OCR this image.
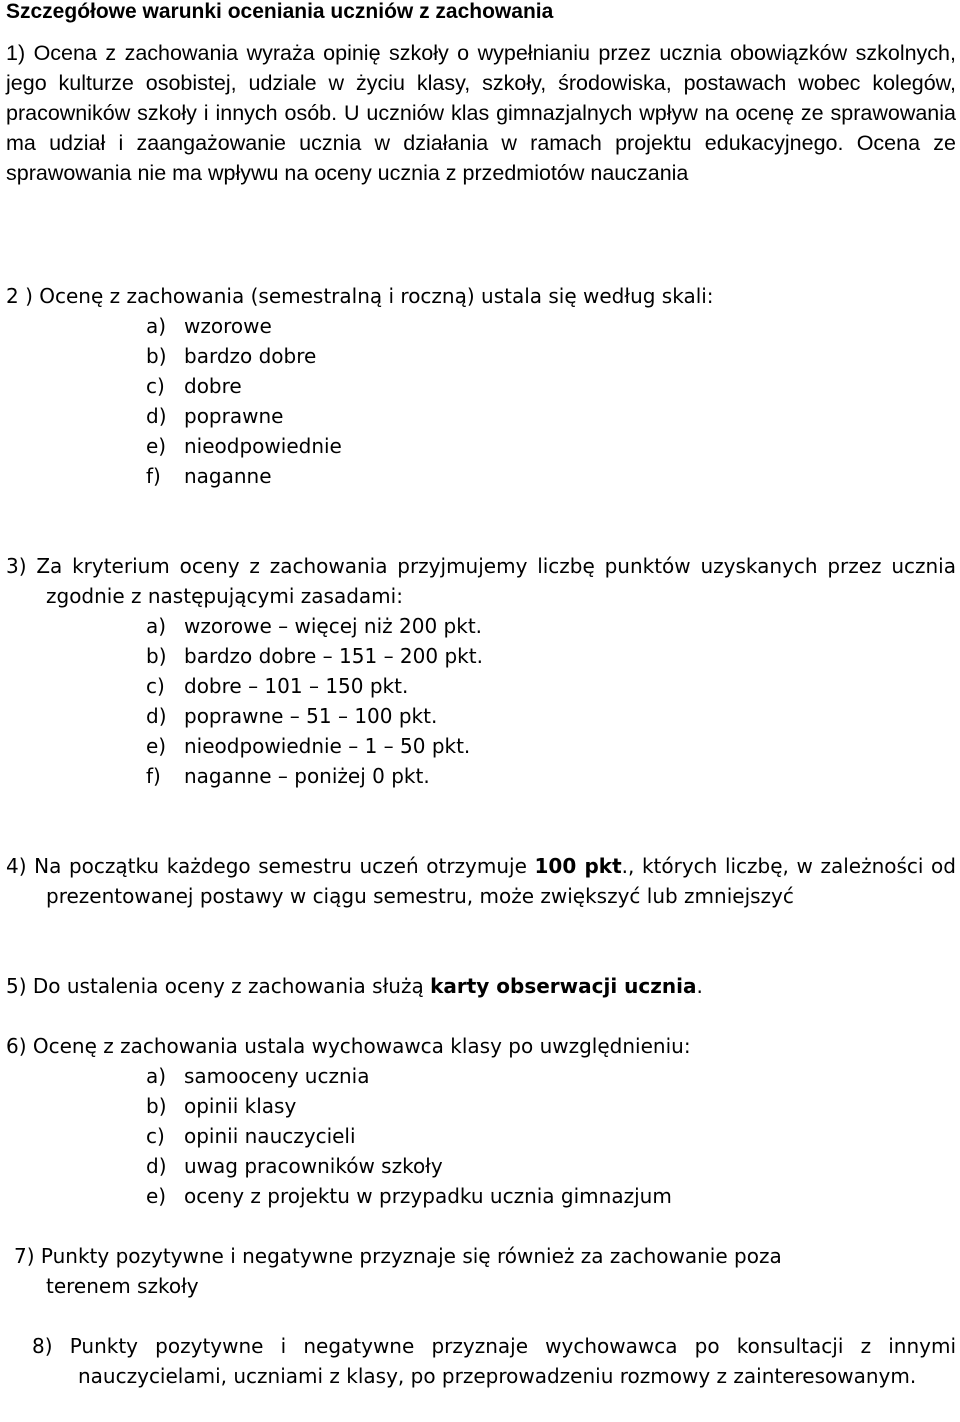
Szczegółowe warunki oceniania uczniów z zachowania
1) Ocena z zachowania wyraża opinię szkoły o wypełnianiu przez ucznia obowiązków szkolnych, jego kulturze osobistej, udziale w życiu klasy, szkoły, środowiska, postawach wobec kolegów, pracowników szkoły i innych osób. U uczniów klas gimnazjalnych wpływ na ocenę ze sprawowania ma udział i zaangażowanie ucznia w działania w ramach projektu edukacyjnego. Ocena ze sprawowania nie ma wpływu na oceny ucznia z przedmiotów nauczania
2 ) Ocenę z zachowania (semestralną i roczną) ustala się według skali:
a) wzorowe
b) bardzo dobre
c) dobre
d) poprawne
e) nieodpowiednie
f) naganne
3) Za kryterium oceny z zachowania przyjmujemy liczbę punktów uzyskanych przez ucznia zgodnie z następującymi zasadami:
a) wzorowe – więcej niż 200 pkt.
b) bardzo dobre – 151 – 200 pkt.
c) dobre – 101 – 150 pkt.
d) poprawne – 51 – 100 pkt.
e) nieodpowiednie – 1 – 50 pkt.
f) naganne – poniżej 0 pkt.
4) Na początku każdego semestru uczeń otrzymuje 100 pkt., których liczbę, w zależności od prezentowanej postawy w ciągu semestru, może zwiększyć lub zmniejszyć
5) Do ustalenia oceny z zachowania służą karty obserwacji ucznia.
6) Ocenę z zachowania ustala wychowawca klasy po uwzględnieniu:
a) samooceny ucznia
b) opinii klasy
c) opinii nauczycieli
d) uwag pracowników szkoły
e) oceny z projektu w przypadku ucznia gimnazjum
7) Punkty pozytywne i negatywne przyznaje się również za zachowanie poza
terenem szkoły
8) Punkty pozytywne i negatywne przyznaje wychowawca po konsultacji z innymi nauczycielami, uczniami z klasy, po przeprowadzeniu rozmowy z zainteresowanym.
